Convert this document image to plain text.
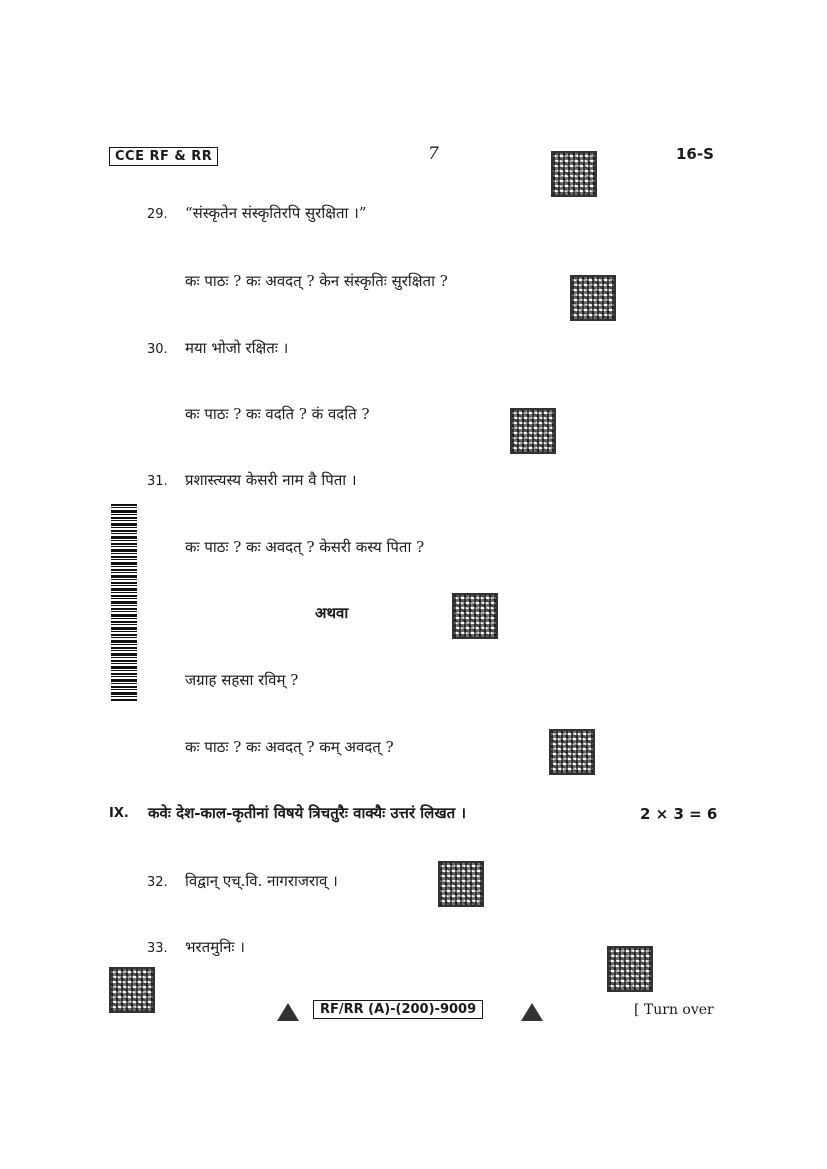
CCE RF & RR	7	16-S
29. “संस्कृतेन संस्कृतिरपि सुरक्षिता ।”
कः पाठः ? कः अवदत् ? केन संस्कृतिः सुरक्षिता ?
30. मया भोजो रक्षितः ।
कः पाठः ? कः वदति ? कं वदति ?
31. प्रशास्त्यस्य केसरी नाम वै पिता ।
कः पाठः ? कः अवदत् ? केसरी कस्य पिता ?
अथवा
जग्राह सहसा रविम् ?
कः पाठः ? कः अवदत् ? कम् अवदत् ?
IX. कवेः देश-काल-कृतीनां विषये त्रिचतुरैः वाक्यैः उत्तरं लिखत ।	2 × 3 = 6
32. विद्वान् एच्.वि. नागराजराव् ।
33. भरतमुनिः ।
RF/RR (A)-(200)-9009	[ Turn over
